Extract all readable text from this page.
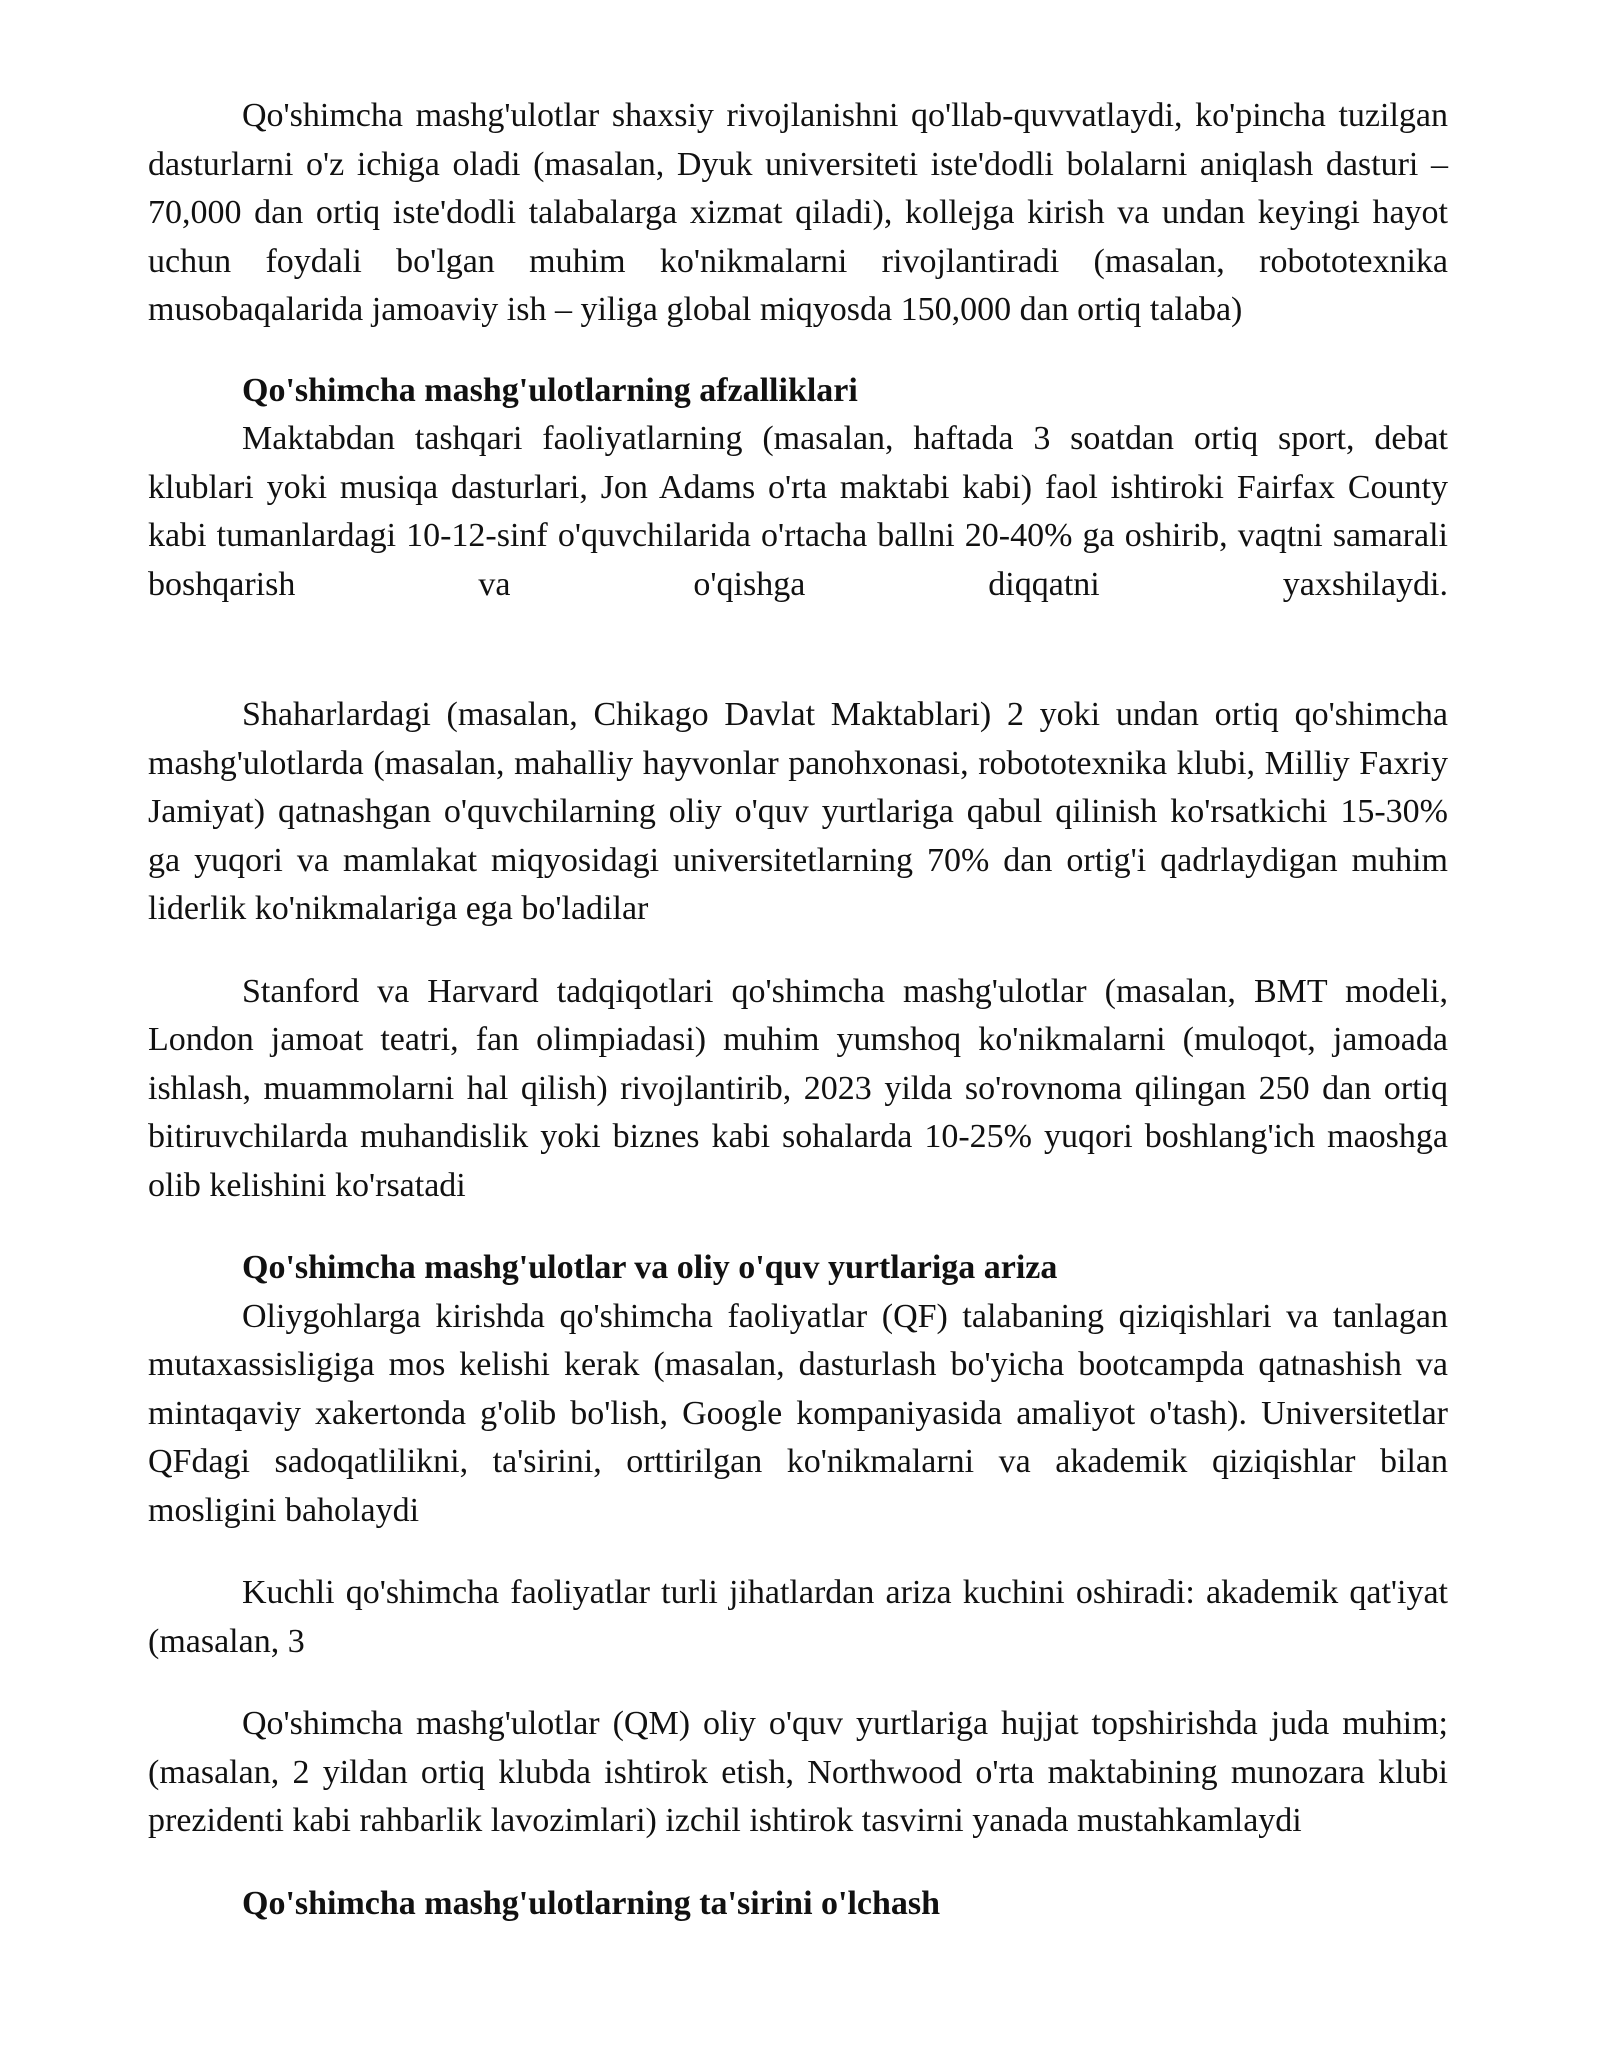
Qo'shimcha mashg'ulotlar shaxsiy rivojlanishni qo'llab-quvvatlaydi, ko'pincha tuzilgan dasturlarni o'z ichiga oladi (masalan, Dyuk universiteti iste'dodli bolalarni aniqlash dasturi – 70,000 dan ortiq iste'dodli talabalarga xizmat qiladi), kollejga kirish va undan keyingi hayot uchun foydali bo'lgan muhim ko'nikmalarni rivojlantiradi (masalan, robototexnika musobaqalarida jamoaviy ish – yiliga global miqyosda 150,000 dan ortiq talaba)

Qo'shimcha mashg'ulotlarning afzalliklari

Maktabdan tashqari faoliyatlarning (masalan, haftada 3 soatdan ortiq sport, debat klublari yoki musiqa dasturlari, Jon Adams o'rta maktabi kabi) faol ishtiroki Fairfax County kabi tumanlardagi 10-12-sinf o'quvchilarida o'rtacha ballni 20-40% ga oshirib, vaqtni samarali boshqarish va o'qishga diqqatni yaxshilaydi.

Shaharlardagi (masalan, Chikago Davlat Maktablari) 2 yoki undan ortiq qo'shimcha mashg'ulotlarda (masalan, mahalliy hayvonlar panohxonasi, robototexnika klubi, Milliy Faxriy Jamiyat) qatnashgan o'quvchilarning oliy o'quv yurtlariga qabul qilinish ko'rsatkichi 15-30% ga yuqori va mamlakat miqyosidagi universitetlarning 70% dan ortig'i qadrlaydigan muhim liderlik ko'nikmalariga ega bo'ladilar

Stanford va Harvard tadqiqotlari qo'shimcha mashg'ulotlar (masalan, BMT modeli, London jamoat teatri, fan olimpiadasi) muhim yumshoq ko'nikmalarni (muloqot, jamoada ishlash, muammolarni hal qilish) rivojlantirib, 2023 yilda so'rovnoma qilingan 250 dan ortiq bitiruvchilarda muhandislik yoki biznes kabi sohalarda 10-25% yuqori boshlang'ich maoshga olib kelishini ko'rsatadi

Qo'shimcha mashg'ulotlar va oliy o'quv yurtlariga ariza

Oliygohlarga kirishda qo'shimcha faoliyatlar (QF) talabaning qiziqishlari va tanlagan mutaxassisligiga mos kelishi kerak (masalan, dasturlash bo'yicha bootcampda qatnashish va mintaqaviy xakertonda g'olib bo'lish, Google kompaniyasida amaliyot o'tash). Universitetlar QFdagi sadoqatlilikni, ta'sirini, orttirilgan ko'nikmalarni va akademik qiziqishlar bilan mosligini baholaydi

Kuchli qo'shimcha faoliyatlar turli jihatlardan ariza kuchini oshiradi: akademik qat'iyat (masalan, 3

Qo'shimcha mashg'ulotlar (QM) oliy o'quv yurtlariga hujjat topshirishda juda muhim; (masalan, 2 yildan ortiq klubda ishtirok etish, Northwood o'rta maktabining munozara klubi prezidenti kabi rahbarlik lavozimlari) izchil ishtirok tasvirni yanada mustahkamlaydi

Qo'shimcha mashg'ulotlarning ta'sirini o'lchash
